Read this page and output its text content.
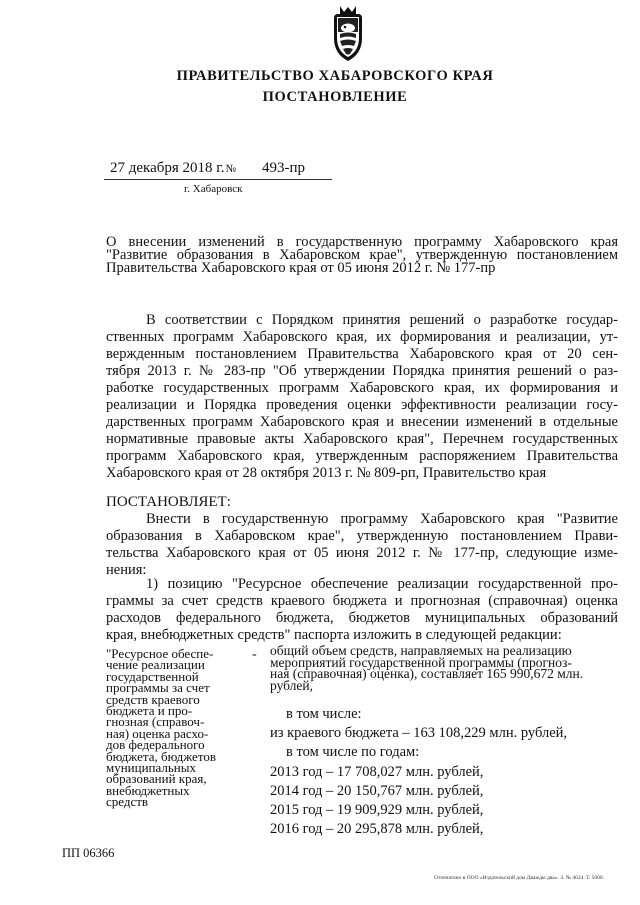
ПРАВИТЕЛЬСТВО ХАБАРОВСКОГО КРАЯ
ПОСТАНОВЛЕНИЕ
27 декабря 2018 г.№ 493-пр
г. Хабаровск
О внесении изменений в государственную программу Хабаровского края
"Развитие образования в Хабаровском крае", утвержденную постановлением
Правительства Хабаровского края от 05 июня 2012 г. № 177-пр
В соответствии с Порядком принятия решений о разработке государ-
ственных программ Хабаровского края, их формирования и реализации, ут-
вержденным постановлением Правительства Хабаровского края от 20 сен-
тября 2013 г. № 283-пр "Об утверждении Порядка принятия решений о раз-
работке государственных программ Хабаровского края, их формирования и
реализации и Порядка проведения оценки эффективности реализации госу-
дарственных программ Хабаровского края и внесении изменений в отдельные
нормативные правовые акты Хабаровского края", Перечнем государственных
программ Хабаровского края, утвержденным распоряжением Правительства
Хабаровского края от 28 октября 2013 г. № 809-рп, Правительство края
ПОСТАНОВЛЯЕТ:
Внести в государственную программу Хабаровского края "Развитие
образования в Хабаровском крае", утвержденную постановлением Прави-
тельства Хабаровского края от 05 июня 2012 г. № 177-пр, следующие изме-
нения:
1) позицию "Ресурсное обеспечение реализации государственной про-
граммы за счет средств краевого бюджета и прогнозная (справочная) оценка
расходов федерального бюджета, бюджетов муниципальных образований
края, внебюджетных средств" паспорта изложить в следующей редакции:
"Ресурсное обеспе-
чение реализации
государственной
программы за счет
средств краевого
бюджета и про-
гнозная (справоч-
ная) оценка расхо-
дов федерального
бюджета, бюджетов
муниципальных
образований края,
внебюджетных
средств
- общий объем средств, направляемых на реализацию
мероприятий государственной программы (прогноз-
ная (справочная) оценка), составляет 165 990,672 млн.
рублей,
в том числе:
из краевого бюджета – 163 108,229 млн. рублей,
в том числе по годам:
2013 год – 17 708,027 млн. рублей,
2014 год – 20 150,767 млн. рублей,
2015 год – 19 909,929 млн. рублей,
2016 год – 20 295,878 млн. рублей,
ПП 06366
Отпечатано в ООО «Издательский дом Дважды два». З. № 4624. Т. 5000.
